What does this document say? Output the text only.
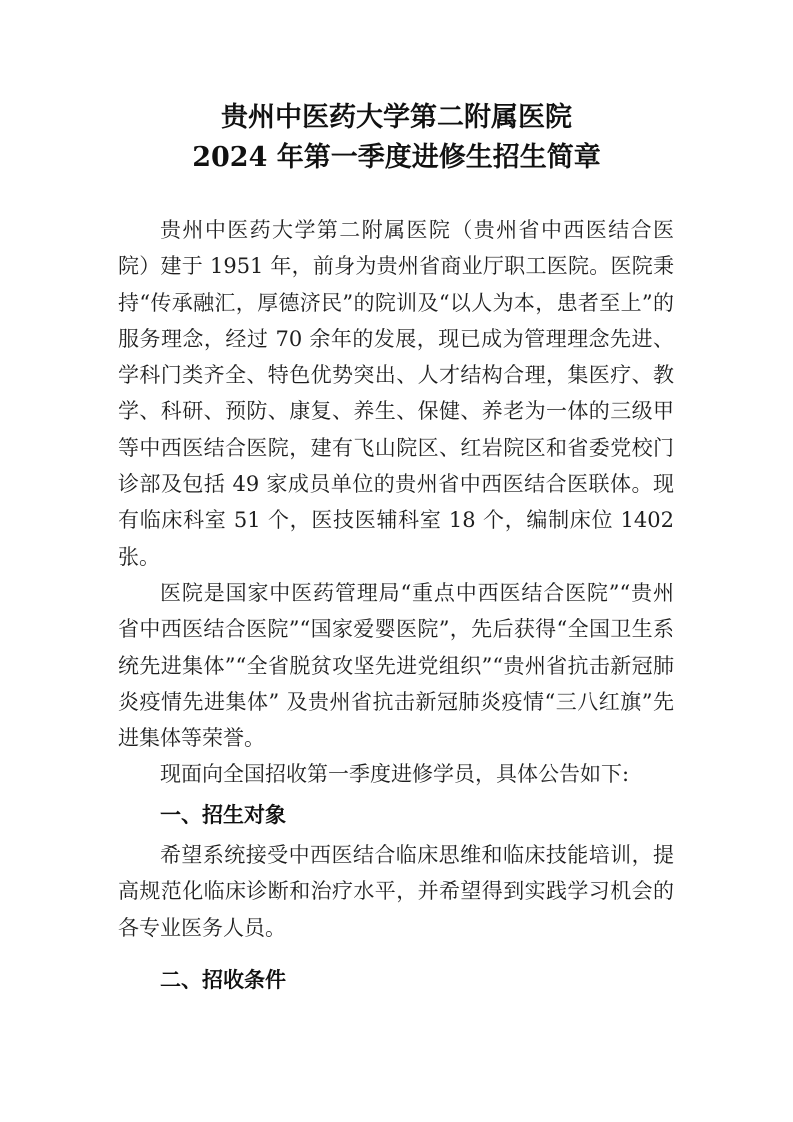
贵州中医药大学第二附属医院
2024 年第一季度进修生招生简章

贵州中医药大学第二附属医院（贵州省中西医结合医院）建于 1951 年，前身为贵州省商业厅职工医院。医院秉持“传承融汇，厚德济民”的院训及“以人为本，患者至上”的服务理念，经过 70 余年的发展，现已成为管理理念先进、学科门类齐全、特色优势突出、人才结构合理，集医疗、教学、科研、预防、康复、养生、保健、养老为一体的三级甲等中西医结合医院，建有飞山院区、红岩院区和省委党校门诊部及包括 49 家成员单位的贵州省中西医结合医联体。现有临床科室 51 个，医技医辅科室 18 个，编制床位 1402 张。

医院是国家中医药管理局“重点中西医结合医院”“贵州省中西医结合医院”“国家爱婴医院”，先后获得“全国卫生系统先进集体”“全省脱贫攻坚先进党组织”“贵州省抗击新冠肺炎疫情先进集体” 及贵州省抗击新冠肺炎疫情“三八红旗”先进集体等荣誉。

现面向全国招收第一季度进修学员，具体公告如下:

一、招生对象

希望系统接受中西医结合临床思维和临床技能培训，提高规范化临床诊断和治疗水平，并希望得到实践学习机会的各专业医务人员。

二、招收条件
